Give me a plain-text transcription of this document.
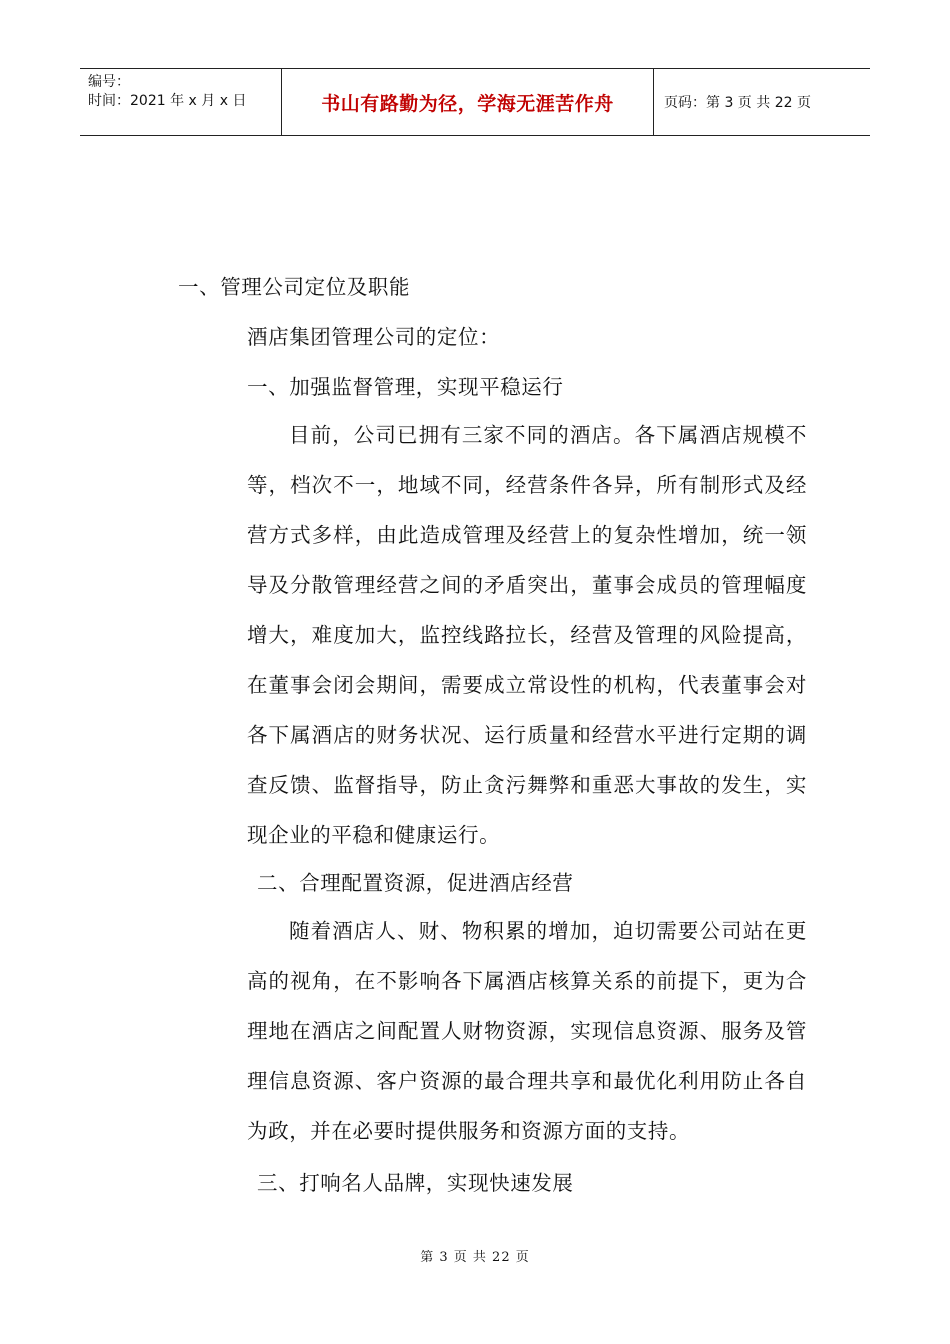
编号：
时间：2021 年 x 月 x 日	书山有路勤为径，学海无涯苦作舟	页码：第 3 页 共 22 页
一、管理公司定位及职能
酒店集团管理公司的定位：
一、加强监督管理，实现平稳运行
目前，公司已拥有三家不同的酒店。各下属酒店规模不等，档次不一，地域不同，经营条件各异，所有制形式及经营方式多样，由此造成管理及经营上的复杂性增加，统一领导及分散管理经营之间的矛盾突出，董事会成员的管理幅度增大，难度加大，监控线路拉长，经营及管理的风险提高，在董事会闭会期间，需要成立常设性的机构，代表董事会对各下属酒店的财务状况、运行质量和经营水平进行定期的调查反馈、监督指导，防止贪污舞弊和重恶大事故的发生，实现企业的平稳和健康运行。
二、合理配置资源，促进酒店经营
随着酒店人、财、物积累的增加，迫切需要公司站在更高的视角，在不影响各下属酒店核算关系的前提下，更为合理地在酒店之间配置人财物资源，实现信息资源、服务及管理信息资源、客户资源的最合理共享和最优化利用防止各自为政，并在必要时提供服务和资源方面的支持。
三、打响名人品牌，实现快速发展
第 3 页 共 22 页
